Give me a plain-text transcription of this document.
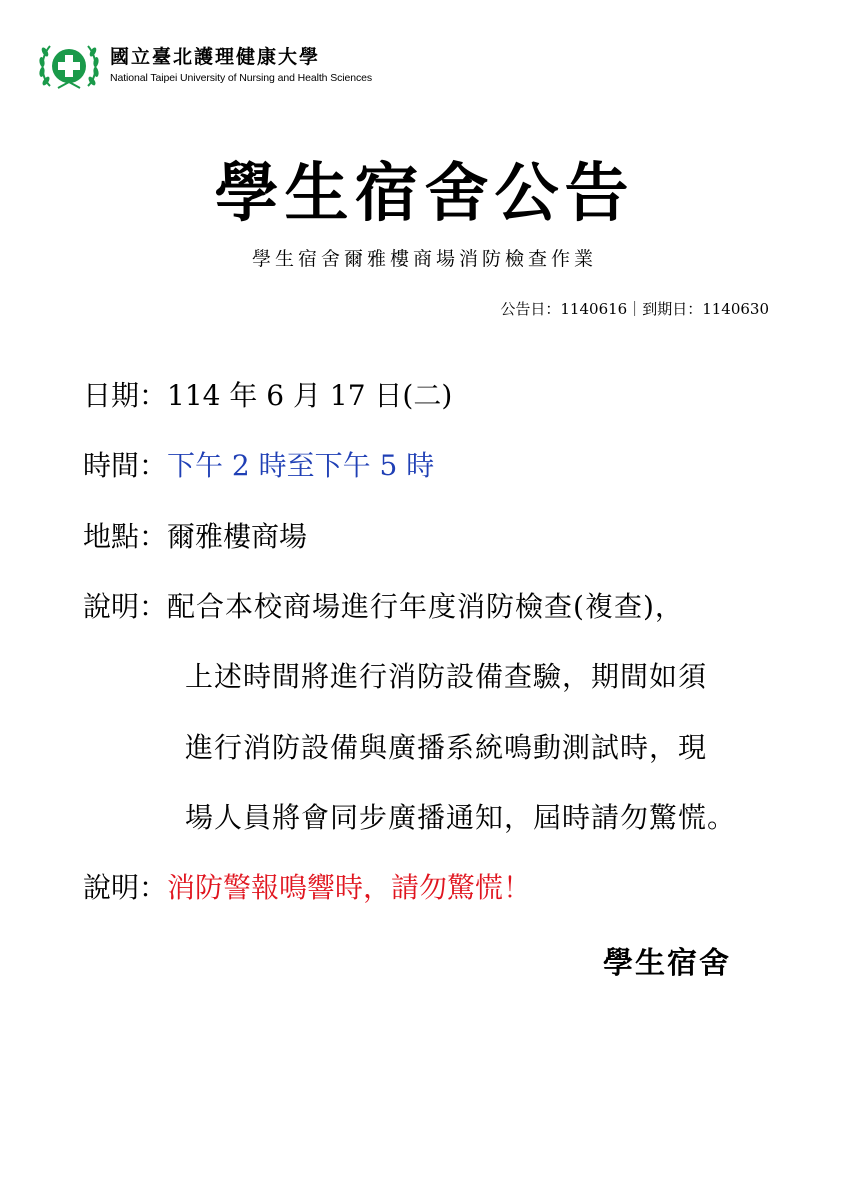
國立臺北護理健康大學
National Taipei University of Nursing and Health Sciences
學生宿舍公告
學生宿舍爾雅樓商場消防檢查作業
公告日：1140616｜到期日：1140630
日期：114 年 6 月 17 日(二)
時間：下午 2 時至下午 5 時
地點：爾雅樓商場
說明：配合本校商場進行年度消防檢查(複查)，
上述時間將進行消防設備查驗，期間如須
進行消防設備與廣播系統鳴動測試時，現
場人員將會同步廣播通知，屆時請勿驚慌。
說明：消防警報鳴響時，請勿驚慌！
學生宿舍
